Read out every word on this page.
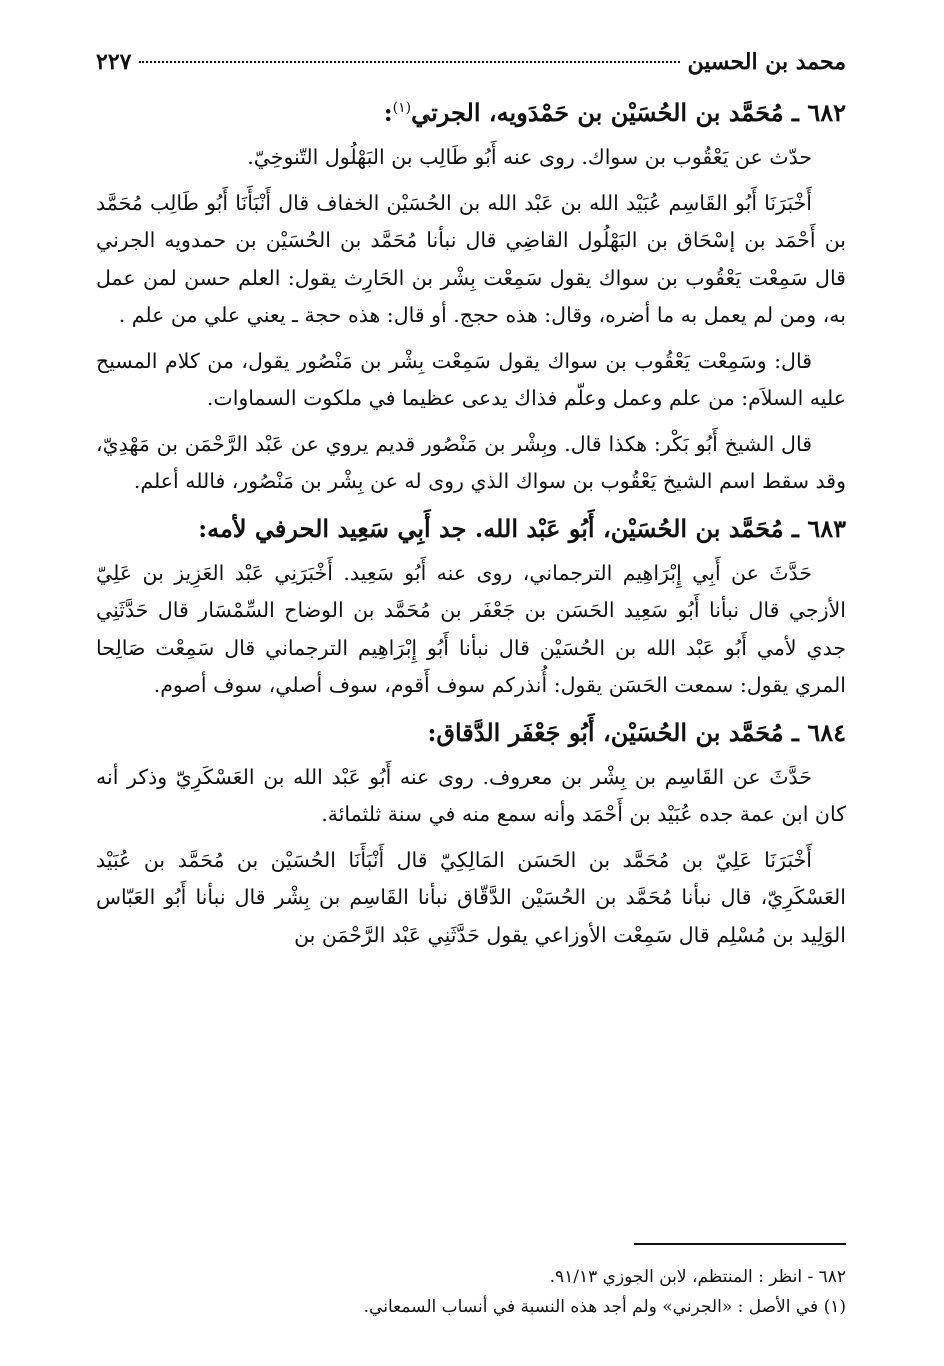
محمد بن الحسين
٢٢٧
٦٨٢ ـ مُحَمَّد بن الحُسَيْن بن حَمْدَويه، الجرتي$^{(١)}$:

حدّث عن يَعْقُوب بن سواك. روى عنه أَبُو طَالِب بن البَهْلُول التّنوخِيّ.

أَخْبَرَنَا أَبُو القَاسِم عُبَيْد الله بن عَبْد الله بن الحُسَيْن الخفاف قال أَنْبَأَنَا أَبُو طَالِب مُحَمَّد بن أَحْمَد بن إسْحَاق بن البَهْلُول القاضِي قال نبأنا مُحَمَّد بن الحُسَيْن بن حمدويه الجرني قال سَمِعْت يَعْقُوب بن سواك يقول سَمِعْت بِشْر بن الحَارِث يقول: العلم حسن لمن عمل به، ومن لم يعمل به ما أضره، وقال: هذه حجج. أو قال: هذه حجة ـ يعني علي من علم .

قال: وسَمِعْت يَعْقُوب بن سواك يقول سَمِعْت بِشْر بن مَنْصُور يقول، من كلام المسيح عليه السلاَم: من علم وعمل وعلّم فذاك يدعى عظيما في ملكوت السماوات.

قال الشيخ أَبُو بَكْر: هكذا قال. وبِشْر بن مَنْصُور قديم يروي عن عَبْد الرَّحْمَن بن مَهْدِيّ، وقد سقط اسم الشيخ يَعْقُوب بن سواك الذي روى له عن بِشْر بن مَنْصُور، فالله أعلم.

٦٨٣ ـ مُحَمَّد بن الحُسَيْن، أَبُو عَبْد الله. جد أَبِي سَعِيد الحرفي لأمه:

حَدَّثَ عن أَبِي إِبْرَاهِيم الترجماني، روى عنه أَبُو سَعِيد. أَخْبَرَنِي عَبْد العَزِيز بن عَلِيّ الأزجي قال نبأنا أَبُو سَعِيد الحَسَن بن جَعْفَر بن مُحَمَّد بن الوضاح السِّمْسَار قال حَدَّثَنِي جدي لأمي أَبُو عَبْد الله بن الحُسَيْن قال نبأنا أَبُو إِبْرَاهِيم الترجماني قال سَمِعْت صَالِحا المري يقول: سمعت الحَسَن يقول: أُنذركم سوف أَقوم، سوف أصلي، سوف أصوم.

٦٨٤ ـ مُحَمَّد بن الحُسَيْن، أَبُو جَعْفَر الدَّقاق:

حَدَّثَ عن القَاسِم بن بِشْر بن معروف. روى عنه أَبُو عَبْد الله بن العَسْكَرِيّ وذكر أنه كان ابن عمة جده عُبَيْد بن أَحْمَد وأنه سمع منه في سنة ثلثمائة.

أَخْبَرَنَا عَلِيّ بن مُحَمَّد بن الحَسَن المَالِكِيّ قال أَنْبَأَنَا الحُسَيْن بن مُحَمَّد بن عُبَيْد العَسْكَرِيّ، قال نبأنا مُحَمَّد بن الحُسَيْن الدَّقّاق نبأنا القَاسِم بن بِشْر قال نبأنا أَبُو العَبّاس الوَلِيد بن مُسْلِم قال سَمِعْت الأوزاعي يقول حَدَّثَنِي عَبْد الرَّحْمَن بن

٦٨٢ - انظر : المنتظم، لابن الجوزي ٩١/١٣.

(١) في الأصل : «الجرني» ولم أجد هذه النسبة في أنساب السمعاني.
